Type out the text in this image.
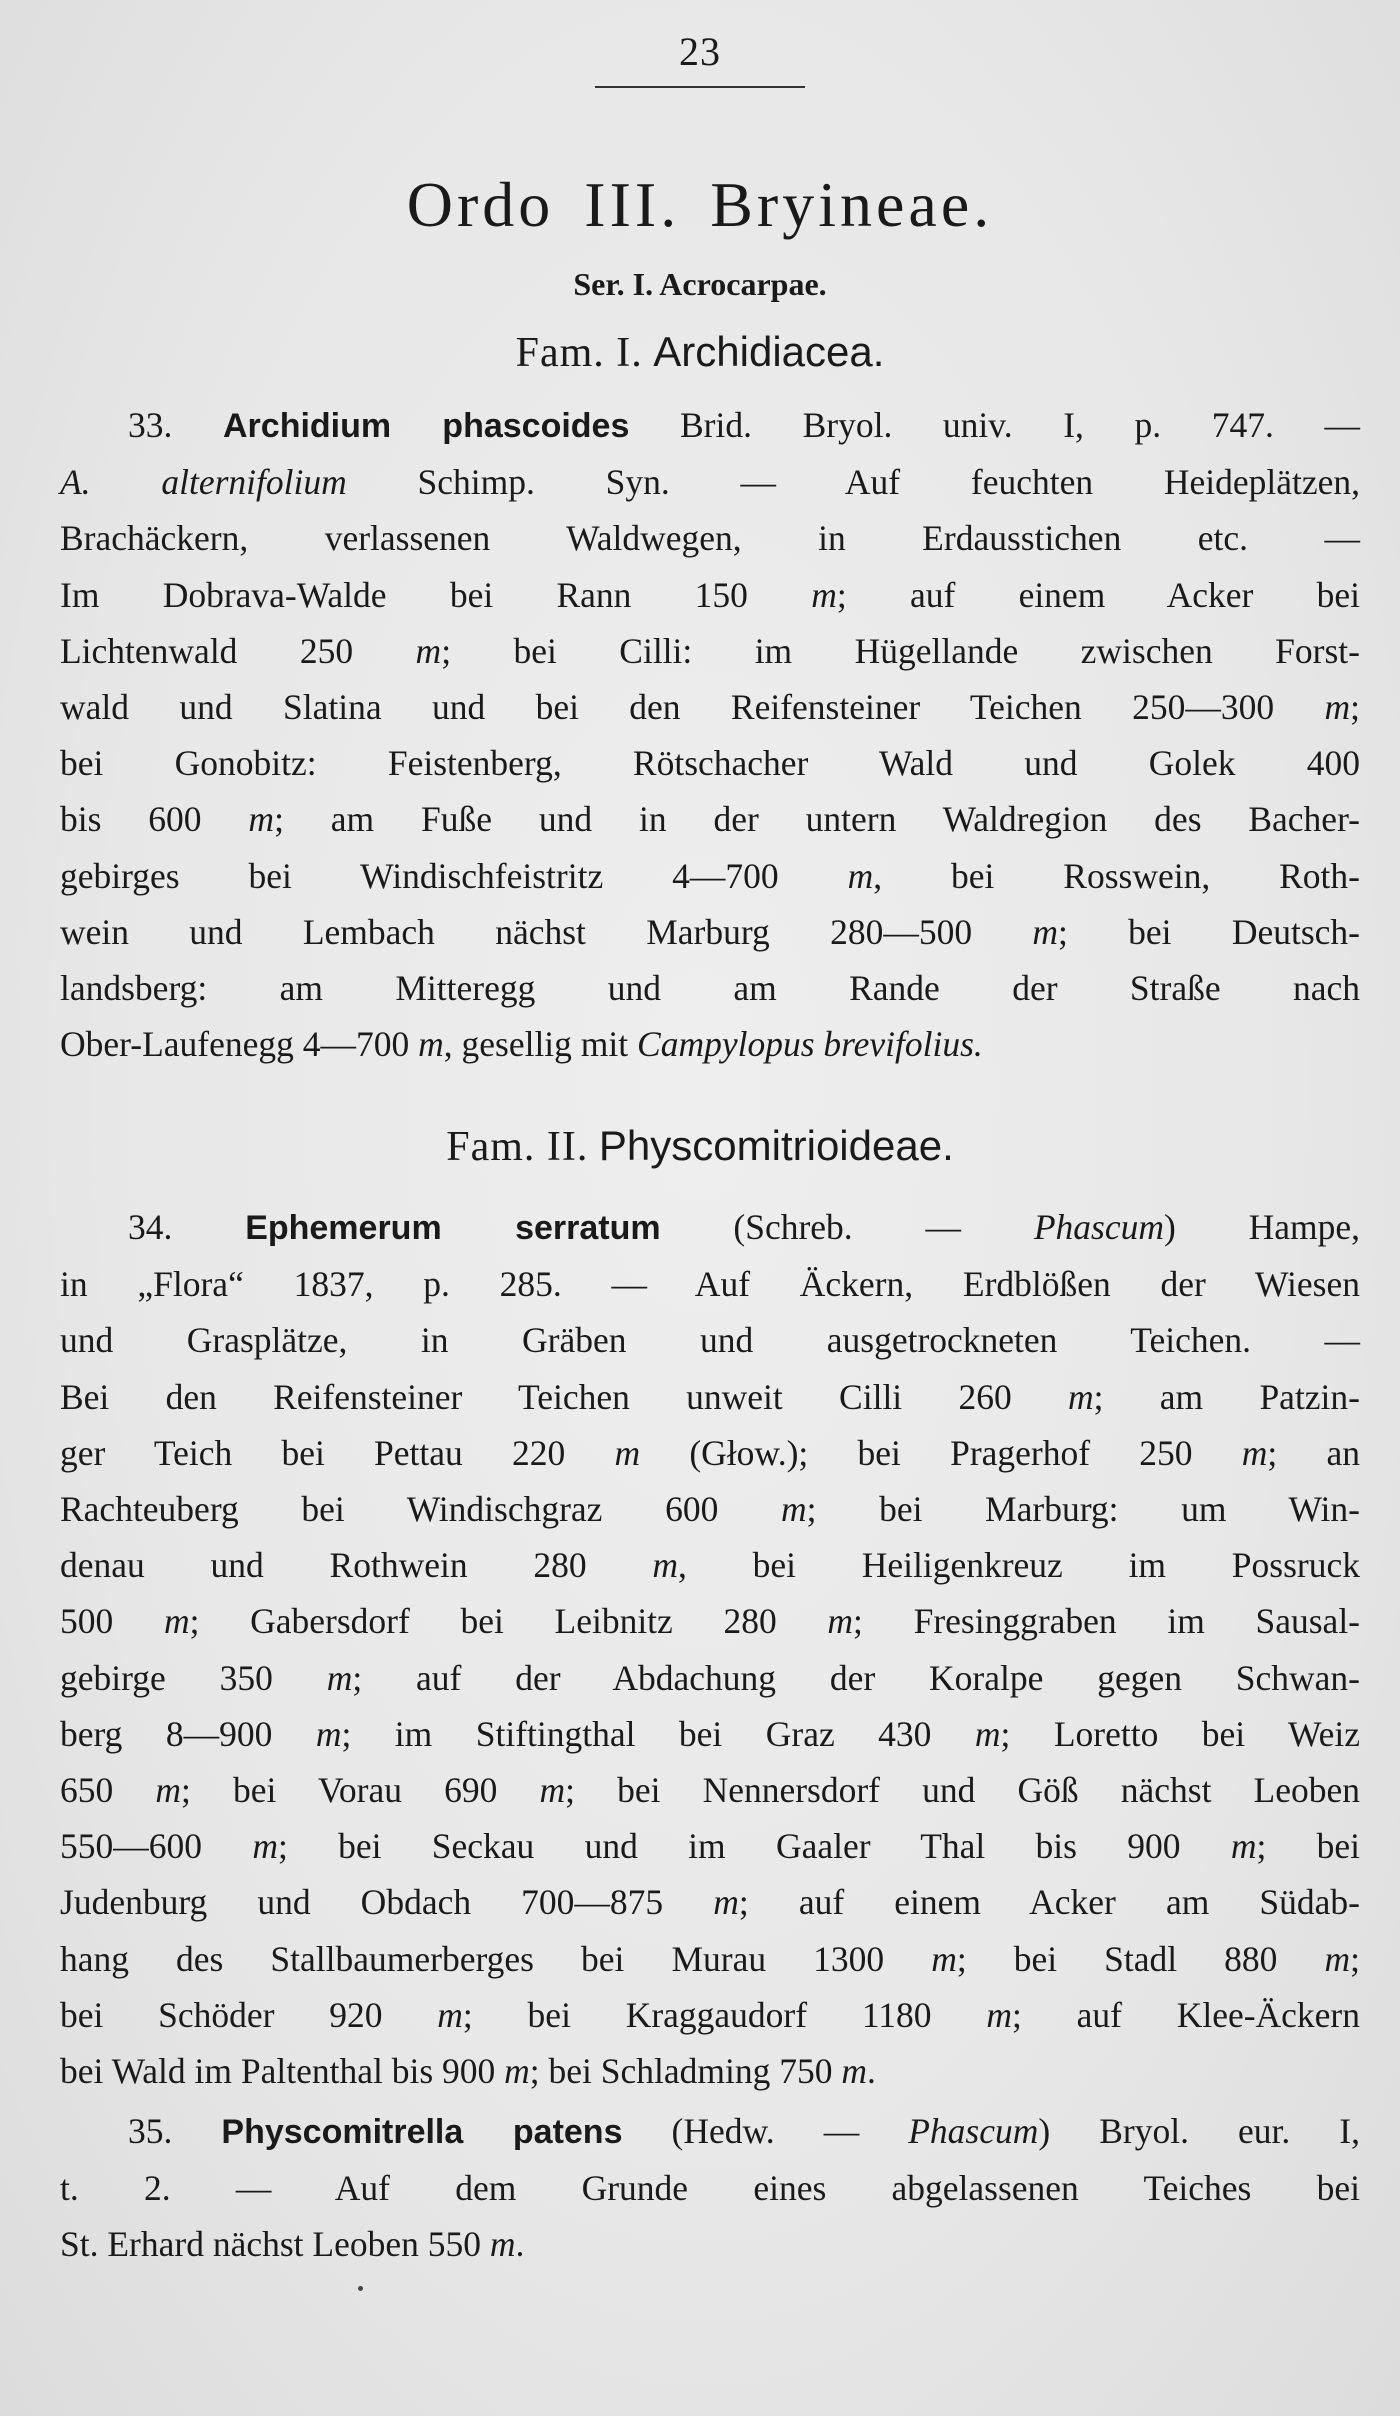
23
Ordo III. Bryineae.
Ser. I. Acrocarpae.
Fam. I. Archidiacea.
33. Archidium phascoides Brid. Bryol. univ. I, p. 747. —
A. alternifolium Schimp. Syn. — Auf feuchten Heideplätzen,
Brachäckern, verlassenen Waldwegen, in Erdausstichen etc. —
Im Dobrava-Walde bei Rann 150 m; auf einem Acker bei
Lichtenwald 250 m; bei Cilli: im Hügellande zwischen Forst-
wald und Slatina und bei den Reifensteiner Teichen 250—300 m;
bei Gonobitz: Feistenberg, Rötschacher Wald und Golek 400
bis 600 m; am Fuße und in der untern Waldregion des Bacher-
gebirges bei Windischfeistritz 4—700 m, bei Rosswein, Roth-
wein und Lembach nächst Marburg 280—500 m; bei Deutsch-
landsberg: am Mitteregg und am Rande der Straße nach
Ober-Laufenegg 4—700 m, gesellig mit Campylopus brevifolius.
Fam. II. Physcomitrioideae.
34. Ephemerum serratum (Schreb. — Phascum) Hampe,
in „Flora“ 1837, p. 285. — Auf Äckern, Erdblößen der Wiesen
und Grasplätze, in Gräben und ausgetrockneten Teichen. —
Bei den Reifensteiner Teichen unweit Cilli 260 m; am Patzin-
ger Teich bei Pettau 220 m (Głow.); bei Pragerhof 250 m; an
Rachteuberg bei Windischgraz 600 m; bei Marburg: um Win-
denau und Rothwein 280 m, bei Heiligenkreuz im Possruck
500 m; Gabersdorf bei Leibnitz 280 m; Fresinggraben im Sausal-
gebirge 350 m; auf der Abdachung der Koralpe gegen Schwan-
berg 8—900 m; im Stiftingthal bei Graz 430 m; Loretto bei Weiz
650 m; bei Vorau 690 m; bei Nennersdorf und Göß nächst Leoben
550—600 m; bei Seckau und im Gaaler Thal bis 900 m; bei
Judenburg und Obdach 700—875 m; auf einem Acker am Südab-
hang des Stallbaumerberges bei Murau 1300 m; bei Stadl 880 m;
bei Schöder 920 m; bei Kraggaudorf 1180 m; auf Klee-Äckern
bei Wald im Paltenthal bis 900 m; bei Schladming 750 m.
35. Physcomitrella patens (Hedw. — Phascum) Bryol. eur. I,
t. 2. — Auf dem Grunde eines abgelassenen Teiches bei
St. Erhard nächst Leoben 550 m.
